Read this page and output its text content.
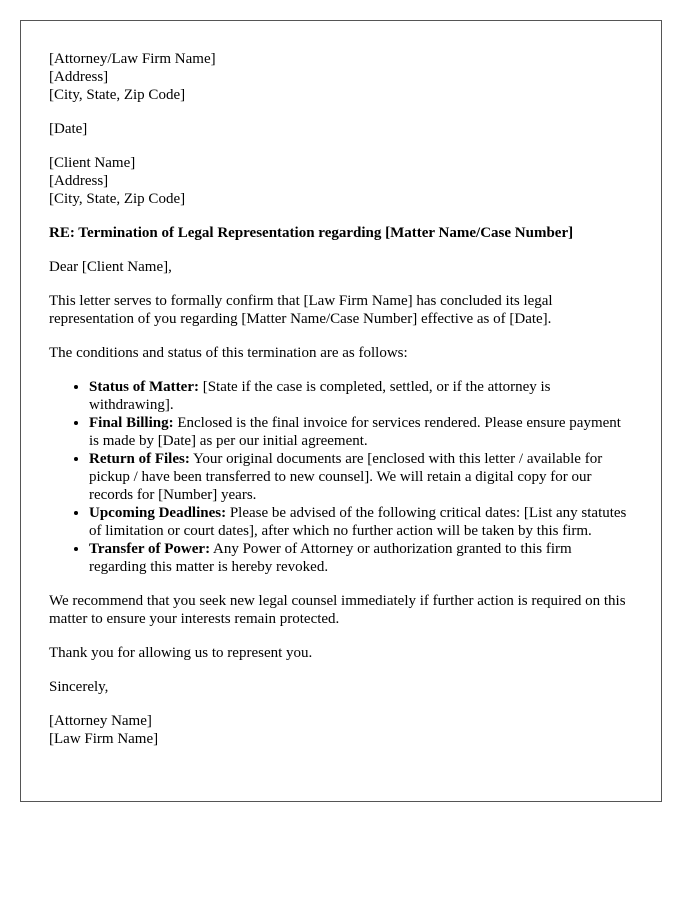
[Attorney/Law Firm Name]
[Address]
[City, State, Zip Code]

[Date]

[Client Name]
[Address]
[City, State, Zip Code]

RE: Termination of Legal Representation regarding [Matter Name/Case Number]

Dear [Client Name],

This letter serves to formally confirm that [Law Firm Name] has concluded its legal representation of you regarding [Matter Name/Case Number] effective as of [Date].

The conditions and status of this termination are as follows:

• Status of Matter: [State if the case is completed, settled, or if the attorney is withdrawing].
• Final Billing: Enclosed is the final invoice for services rendered. Please ensure payment is made by [Date] as per our initial agreement.
• Return of Files: Your original documents are [enclosed with this letter / available for pickup / have been transferred to new counsel]. We will retain a digital copy for our records for [Number] years.
• Upcoming Deadlines: Please be advised of the following critical dates: [List any statutes of limitation or court dates], after which no further action will be taken by this firm.
• Transfer of Power: Any Power of Attorney or authorization granted to this firm regarding this matter is hereby revoked.

We recommend that you seek new legal counsel immediately if further action is required on this matter to ensure your interests remain protected.

Thank you for allowing us to represent you.

Sincerely,

[Attorney Name]
[Law Firm Name]
